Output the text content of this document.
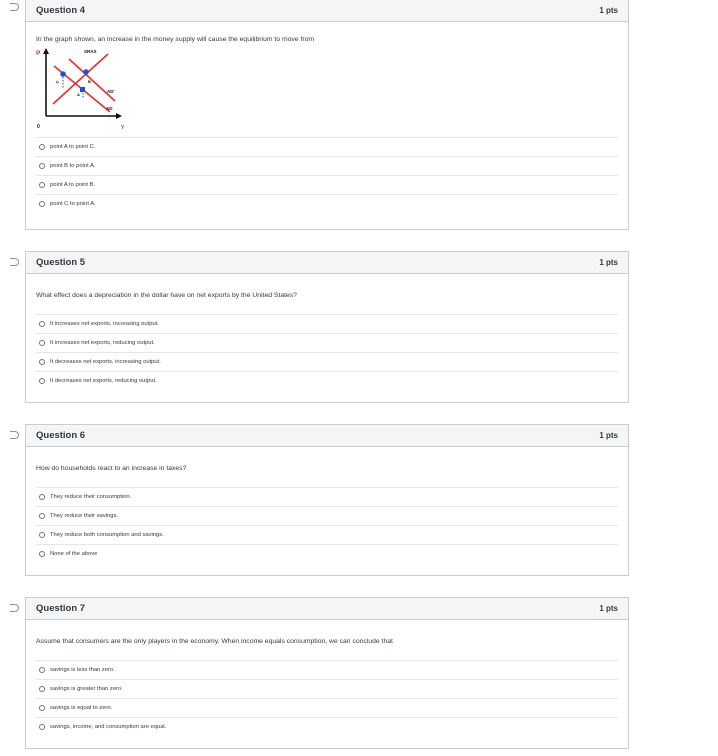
Question 4	1 pts
In the graph shown, an increase in the money supply will cause the equilibrium to move from
P	SRAS
AD'
AD
C	B
A
Y
0
point A to point C.
point B to point A.
point A to point B.
point C to point A.
Question 5	1 pts
What effect does a depreciation in the dollar have on net exports by the United States?
It increases net exports, increasing output.
It increases net exports, reducing output.
It decreases net exports, increasing output.
It decreases net exports, reducing output.
Question 6	1 pts
How do households react to an increase in taxes?
They reduce their consumption.
They reduce their savings.
They reduce both consumption and savings.
None of the above
Question 7	1 pts
Assume that consumers are the only players in the economy. When income equals consumption, we can conclude that
savings is less than zero.
savings is greater than zero.
savings is equal to zero.
savings, income, and consumption are equal.
